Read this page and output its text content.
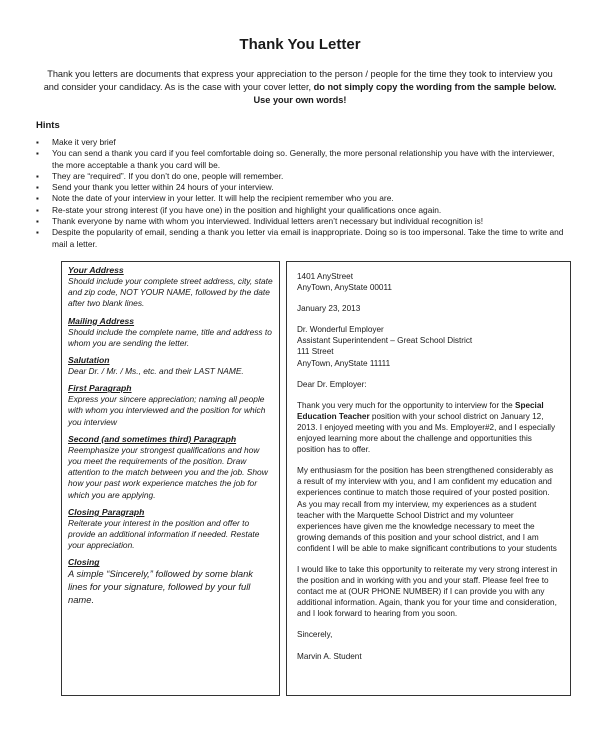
Thank You Letter
Thank you letters are documents that express your appreciation to the person / people for the time they took to interview you and consider your candidacy. As is the case with your cover letter, do not simply copy the wording from the sample below. Use your own words!
Hints
▪ Make it very brief
▪ You can send a thank you card if you feel comfortable doing so. Generally, the more personal relationship you have with the interviewer, the more acceptable a thank you card will be.
▪ They are “required”. If you don’t do one, people will remember.
▪ Send your thank you letter within 24 hours of your interview.
▪ Note the date of your interview in your letter. It will help the recipient remember who you are.
▪ Re-state your strong interest (if you have one) in the position and highlight your qualifications once again.
▪ Thank everyone by name with whom you interviewed. Individual letters aren’t necessary but individual recognition is!
▪ Despite the popularity of email, sending a thank you letter via email is inappropriate. Doing so is too impersonal. Take the time to write and mail a letter.
Your Address
Should include your complete street address, city, state and zip code, NOT YOUR NAME, followed by the date after two blank lines.
Mailing Address
Should include the complete name, title and address to whom you are sending the letter.
Salutation
Dear Dr. / Mr. / Ms., etc. and their LAST NAME.
First Paragraph
Express your sincere appreciation; naming all people with whom you interviewed and the position for which you interview
Second (and sometimes third) Paragraph
Reemphasize your strongest qualifications and how you meet the requirements of the position. Draw attention to the match between you and the job. Show how your past work experience matches the job for which you are applying.
Closing Paragraph
Reiterate your interest in the position and offer to provide an additional information if needed. Restate your appreciation.
Closing
A simple “Sincerely,” followed by some blank lines for your signature, followed by your full name.
1401 AnyStreet
AnyTown, AnyState 00011
January 23, 2013
Dr. Wonderful Employer
Assistant Superintendent – Great School District
111 Street
AnyTown, AnyState 11111
Dear Dr. Employer:
Thank you very much for the opportunity to interview for the Special Education Teacher position with your school district on January 12, 2013. I enjoyed meeting with you and Ms. Employer#2, and I especially enjoyed learning more about the challenge and opportunities this position has to offer.
My enthusiasm for the position has been strengthened considerably as a result of my interview with you, and I am confident my education and experiences continue to match those required of your posted position. As you may recall from my interview, my experiences as a student teacher with the Marquette School District and my volunteer experiences have given me the knowledge necessary to meet the growing demands of this position and your school district, and I am confident I will be able to make significant contributions to your students
I would like to take this opportunity to reiterate my very strong interest in the position and in working with you and your staff. Please feel free to contact me at (OUR PHONE NUMBER) if I can provide you with any additional information. Again, thank you for your time and consideration, and I look forward to hearing from you soon.
Sincerely,
Marvin A. Student
